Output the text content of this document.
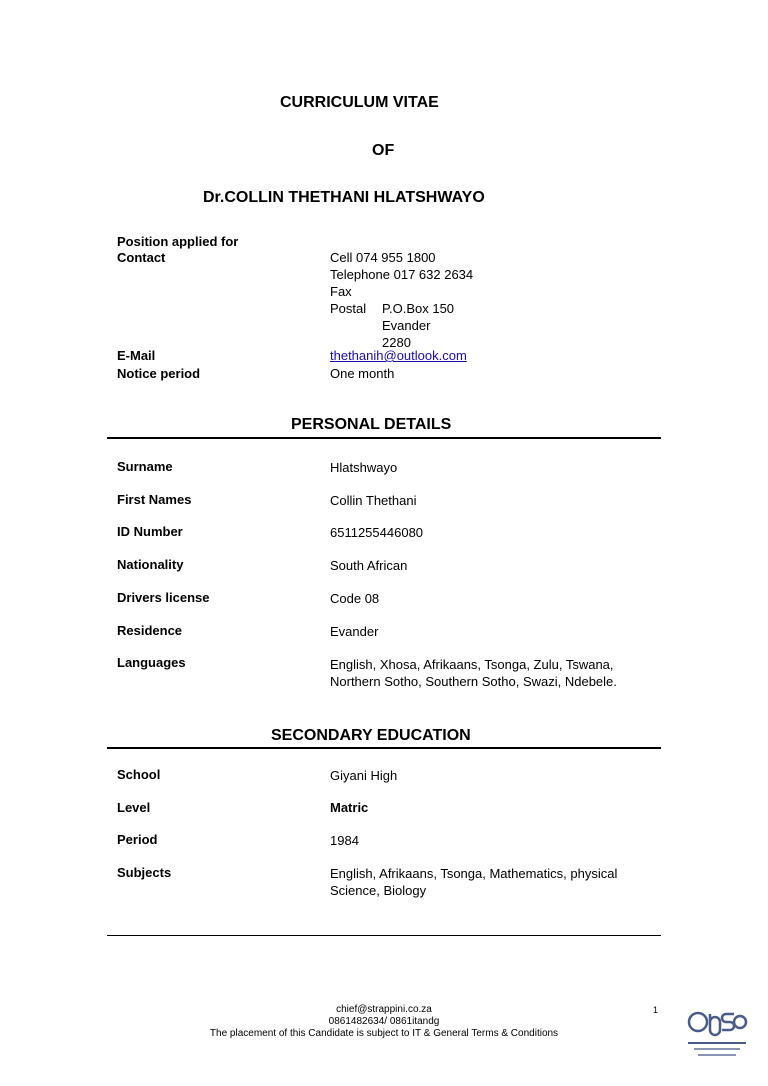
CURRICULUM VITAE
OF
Dr.COLLIN THETHANI HLATSHWAYO
Position applied for
Contact	Cell 074 955 1800
Telephone 017 632 2634
Fax
Postal P.O.Box 150
Evander
2280
E-Mail	thethanih@outlook.com
Notice period	One month
PERSONAL DETAILS
Surname	Hlatshwayo
First Names	Collin Thethani
ID Number	6511255446080
Nationality	South African
Drivers license	Code 08
Residence	Evander
Languages	English, Xhosa, Afrikaans, Tsonga, Zulu, Tswana,
Northern Sotho, Southern Sotho, Swazi, Ndebele.
SECONDARY EDUCATION
School	Giyani High
Level	Matric
Period	1984
Subjects	English, Afrikaans, Tsonga, Mathematics, physical
Science, Biology
chief@strappini.co.za
0861482634/ 0861itandg
The placement of this Candidate is subject to IT & General Terms & Conditions
1
